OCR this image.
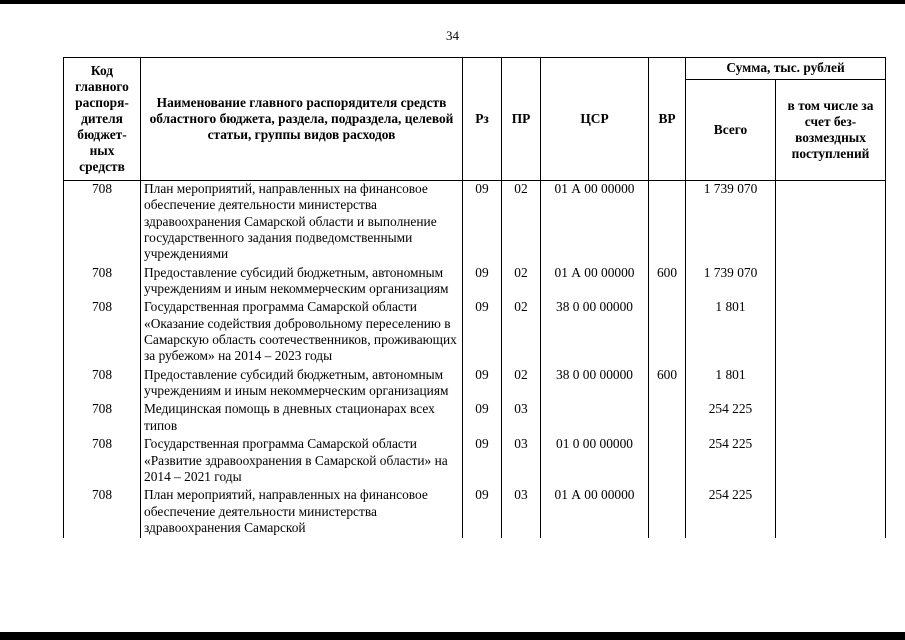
34
Код главного распоря-дителя бюджет-ных средств	Наименование главного распорядителя средств областного бюджета, раздела, подраздела, целевой статьи, группы видов расходов	Рз	ПР	ЦСР	ВР	Сумма, тыс. рублей	
						Всего	в том числе за счет без-возмездных поступлений
708	План мероприятий, направленных на финансовое обеспечение деятельности министерства здравоохранения Самарской области и выполнение государственного задания подведомственными учреждениями	09	02	01 А 00 00000		1 739 070	
708	Предоставление субсидий бюджетным, автономным учреждениям и иным некоммерческим организациям	09	02	01 А 00 00000	600	1 739 070	
708	Государственная программа Самарской области «Оказание содействия добровольному переселению в Самарскую область соотечественников, проживающих за рубежом» на 2014 – 2023 годы	09	02	38 0 00 00000		1 801	
708	Предоставление субсидий бюджетным, автономным учреждениям и иным некоммерческим организациям	09	02	38 0 00 00000	600	1 801	
708	Медицинская помощь в дневных стационарах всех типов	09	03			254 225	
708	Государственная программа Самарской области «Развитие здравоохранения в Самарской области» на 2014 – 2021 годы	09	03	01 0 00 00000		254 225	
708	План мероприятий, направленных на финансовое обеспечение деятельности министерства здравоохранения Самарской	09	03	01 А 00 00000		254 225	
